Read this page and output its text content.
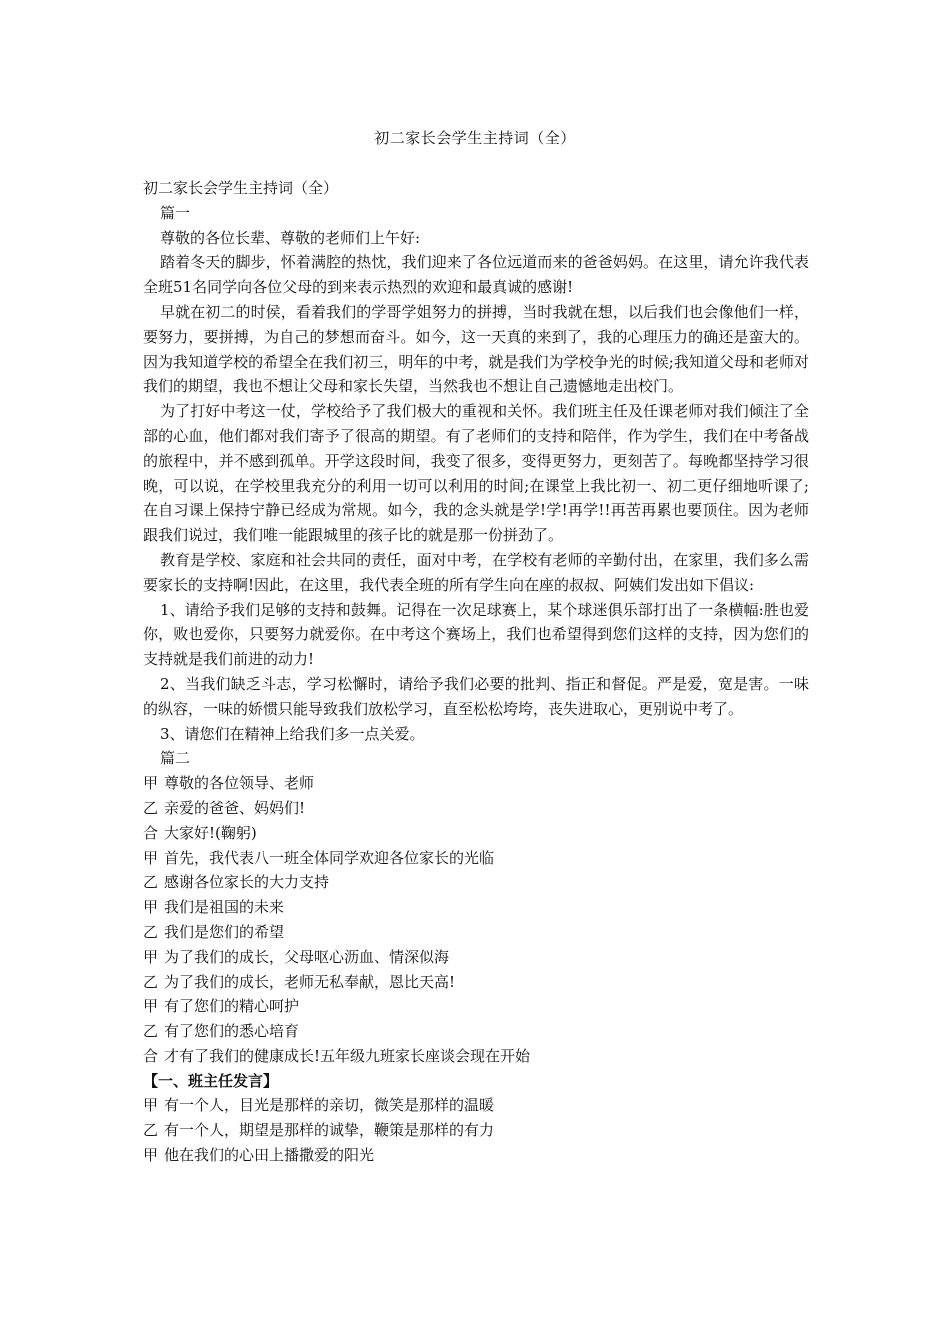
初二家长会学生主持词（全）

初二家长会学生主持词（全）

篇一

尊敬的各位长辈、尊敬的老师们上午好:

踏着冬天的脚步，怀着满腔的热忱，我们迎来了各位远道而来的爸爸妈妈。在这里，请允许我代表全班51名同学向各位父母的到来表示热烈的欢迎和最真诚的感谢!

早就在初二的时侯，看着我们的学哥学姐努力的拼搏，当时我就在想，以后我们也会像他们一样，要努力，要拼搏，为自己的梦想而奋斗。如今，这一天真的来到了，我的心理压力的确还是蛮大的。因为我知道学校的希望全在我们初三，明年的中考，就是我们为学校争光的时候;我知道父母和老师对我们的期望，我也不想让父母和家长失望，当然我也不想让自己遗憾地走出校门。

为了打好中考这一仗，学校给予了我们极大的重视和关怀。我们班主任及任课老师对我们倾注了全部的心血，他们都对我们寄予了很高的期望。有了老师们的支持和陪伴，作为学生，我们在中考备战的旅程中，并不感到孤单。开学这段时间，我变了很多，变得更努力，更刻苦了。每晚都坚持学习很晚，可以说，在学校里我充分的利用一切可以利用的时间;在课堂上我比初一、初二更仔细地听课了;在自习课上保持宁静已经成为常规。如今，我的念头就是学!学!再学!!再苦再累也要顶住。因为老师跟我们说过，我们唯一能跟城里的孩子比的就是那一份拼劲了。

教育是学校、家庭和社会共同的责任，面对中考，在学校有老师的辛勤付出，在家里，我们多么需要家长的支持啊!因此，在这里，我代表全班的所有学生向在座的叔叔、阿姨们发出如下倡议:

1、请给予我们足够的支持和鼓舞。记得在一次足球赛上，某个球迷俱乐部打出了一条横幅:胜也爱你，败也爱你，只要努力就爱你。在中考这个赛场上，我们也希望得到您们这样的支持，因为您们的支持就是我们前进的动力!

2、当我们缺乏斗志，学习松懈时，请给予我们必要的批判、指正和督促。严是爱，宽是害。一味的纵容，一味的娇惯只能导致我们放松学习，直至松松垮垮，丧失进取心，更别说中考了。

3、请您们在精神上给我们多一点关爱。

篇二

甲 尊敬的各位领导、老师

乙 亲爱的爸爸、妈妈们!

合 大家好!(鞠躬)

甲 首先，我代表八一班全体同学欢迎各位家长的光临

乙 感谢各位家长的大力支持

甲 我们是祖国的未来

乙 我们是您们的希望

甲 为了我们的成长，父母呕心沥血、情深似海

乙 为了我们的成长，老师无私奉献，恩比天高!

甲 有了您们的精心呵护

乙 有了您们的悉心培育

合 才有了我们的健康成长!五年级九班家长座谈会现在开始

【一、班主任发言】

甲 有一个人，目光是那样的亲切，微笑是那样的温暖

乙 有一个人，期望是那样的诚挚，鞭策是那样的有力

甲 他在我们的心田上播撒爱的阳光
